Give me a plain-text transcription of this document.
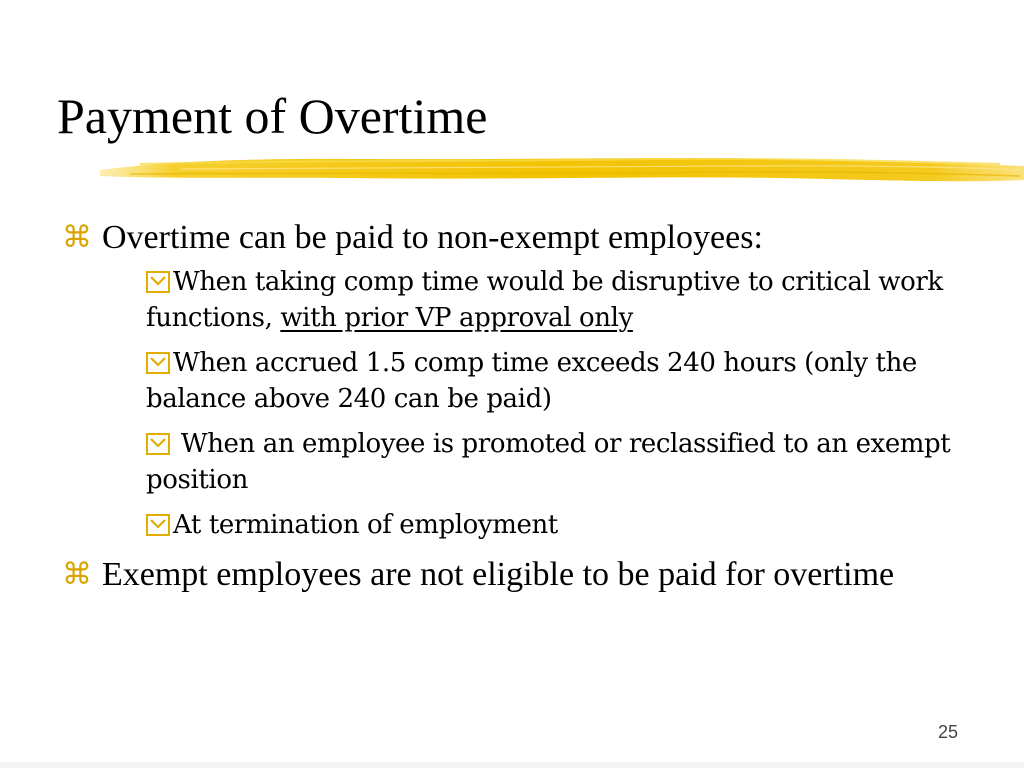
Payment of Overtime
⌘ Overtime can be paid to non-exempt employees:
When taking comp time would be disruptive to critical work functions, with prior VP approval only
When accrued 1.5 comp time exceeds 240 hours (only the balance above 240 can be paid)
When an employee is promoted or reclassified to an exempt position
At termination of employment
⌘ Exempt employees are not eligible to be paid for overtime
25
